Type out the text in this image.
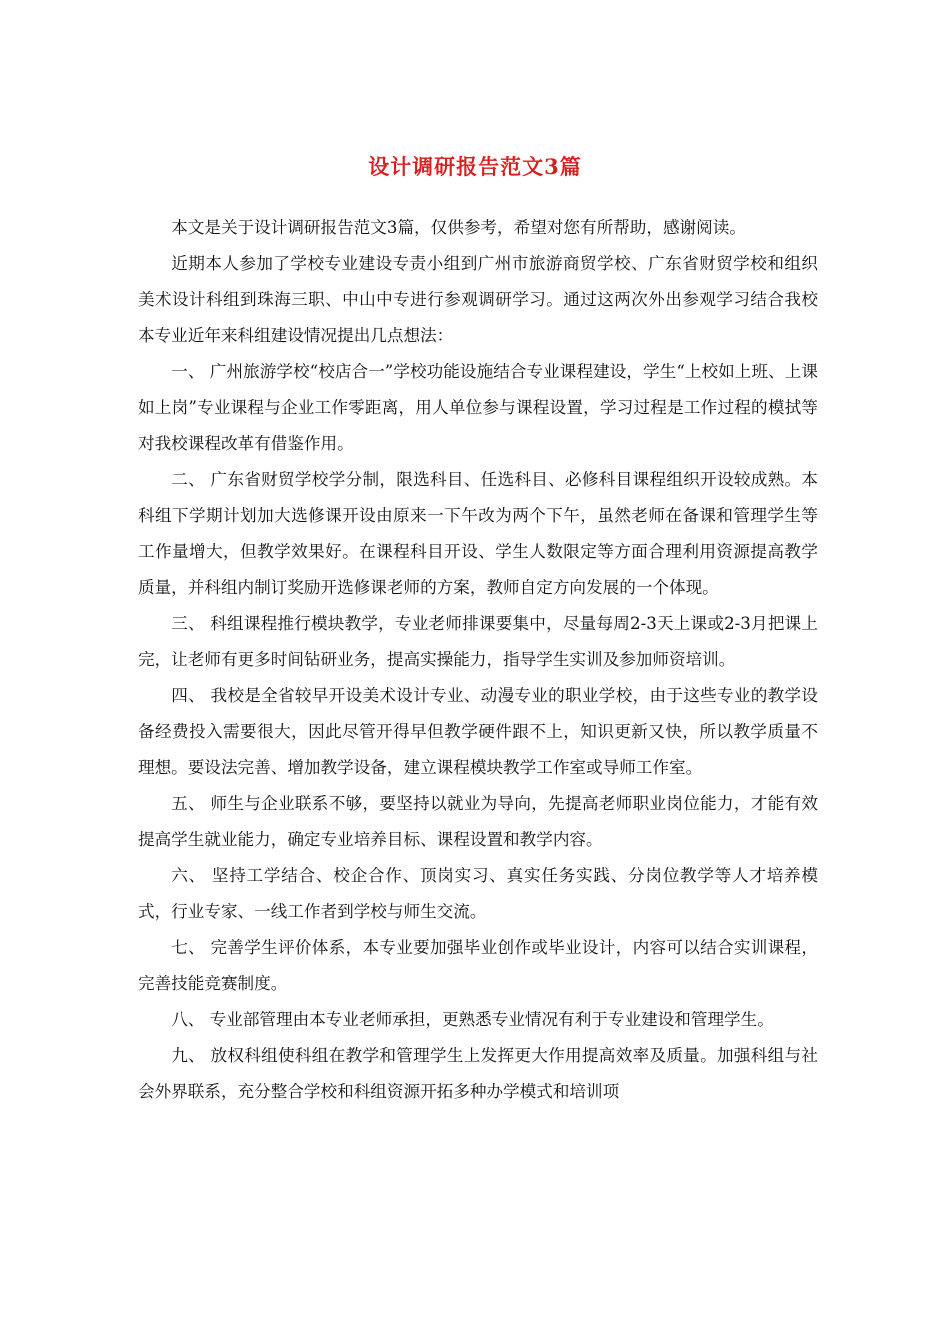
设计调研报告范文3篇

本文是关于设计调研报告范文3篇，仅供参考，希望对您有所帮助，感谢阅读。

近期本人参加了学校专业建设专责小组到广州市旅游商贸学校、广东省财贸学校和组织美术设计科组到珠海三职、中山中专进行参观调研学习。通过这两次外出参观学习结合我校本专业近年来科组建设情况提出几点想法：

一、 广州旅游学校“校店合一”学校功能设施结合专业课程建设，学生“上校如上班、上课如上岗”专业课程与企业工作零距离，用人单位参与课程设置，学习过程是工作过程的模拭等对我校课程改革有借鉴作用。

二、 广东省财贸学校学分制，限选科目、任选科目、必修科目课程组织开设较成熟。本科组下学期计划加大选修课开设由原来一下午改为两个下午，虽然老师在备课和管理学生等工作量增大，但教学效果好。在课程科目开设、学生人数限定等方面合理利用资源提高教学质量，并科组内制订奖励开选修课老师的方案，教师自定方向发展的一个体现。

三、 科组课程推行模块教学，专业老师排课要集中，尽量每周2-3天上课或2-3月把课上完，让老师有更多时间钻研业务，提高实操能力，指导学生实训及参加师资培训。

四、 我校是全省较早开设美术设计专业、动漫专业的职业学校，由于这些专业的教学设备经费投入需要很大，因此尽管开得早但教学硬件跟不上，知识更新又快，所以教学质量不理想。要设法完善、增加教学设备，建立课程模块教学工作室或导师工作室。

五、 师生与企业联系不够，要坚持以就业为导向，先提高老师职业岗位能力，才能有效提高学生就业能力，确定专业培养目标、课程设置和教学内容。

六、 坚持工学结合、校企合作、顶岗实习、真实任务实践、分岗位教学等人才培养模式，行业专家、一线工作者到学校与师生交流。

七、 完善学生评价体系，本专业要加强毕业创作或毕业设计，内容可以结合实训课程，完善技能竞赛制度。

八、 专业部管理由本专业老师承担，更熟悉专业情况有利于专业建设和管理学生。

九、 放权科组使科组在教学和管理学生上发挥更大作用提高效率及质量。加强科组与社会外界联系，充分整合学校和科组资源开拓多种办学模式和培训项
